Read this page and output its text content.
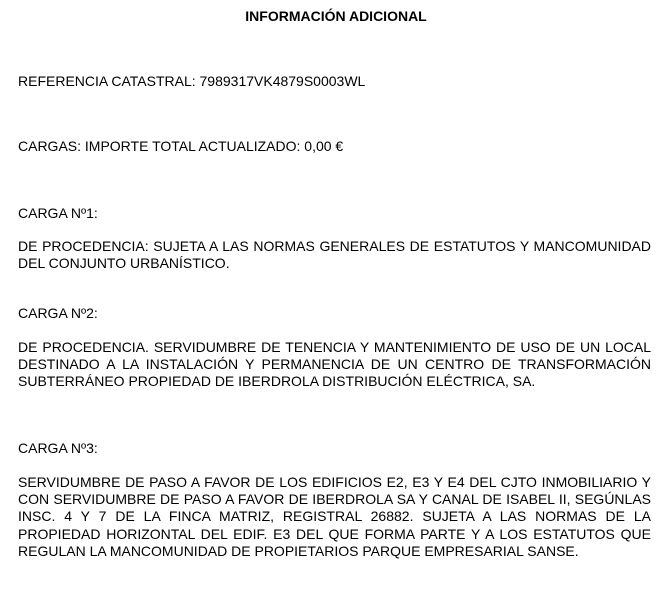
INFORMACIÓN ADICIONAL
REFERENCIA CATASTRAL: 7989317VK4879S0003WL
CARGAS: IMPORTE TOTAL ACTUALIZADO: 0,00 €
CARGA Nº1:
DE PROCEDENCIA: SUJETA A LAS NORMAS GENERALES DE ESTATUTOS Y MANCOMUNIDAD DEL CONJUNTO URBANÍSTICO.
CARGA Nº2:
DE PROCEDENCIA. SERVIDUMBRE DE TENENCIA Y MANTENIMIENTO DE USO DE UN LOCAL DESTINADO A LA INSTALACIÓN Y PERMANENCIA DE UN CENTRO DE TRANSFORMACIÓN SUBTERRÁNEO PROPIEDAD DE IBERDROLA DISTRIBUCIÓN ELÉCTRICA, SA.
CARGA Nº3:
SERVIDUMBRE DE PASO A FAVOR DE LOS EDIFICIOS E2, E3 Y E4 DEL CJTO INMOBILIARIO Y CON SERVIDUMBRE DE PASO A FAVOR DE IBERDROLA SA Y CANAL DE ISABEL II, SEGÚNLAS INSC. 4 Y 7 DE LA FINCA MATRIZ, REGISTRAL 26882. SUJETA A LAS NORMAS DE LA PROPIEDAD HORIZONTAL DEL EDIF. E3 DEL QUE FORMA PARTE Y A LOS ESTATUTOS QUE REGULAN LA MANCOMUNIDAD DE PROPIETARIOS PARQUE EMPRESARIAL SANSE.
